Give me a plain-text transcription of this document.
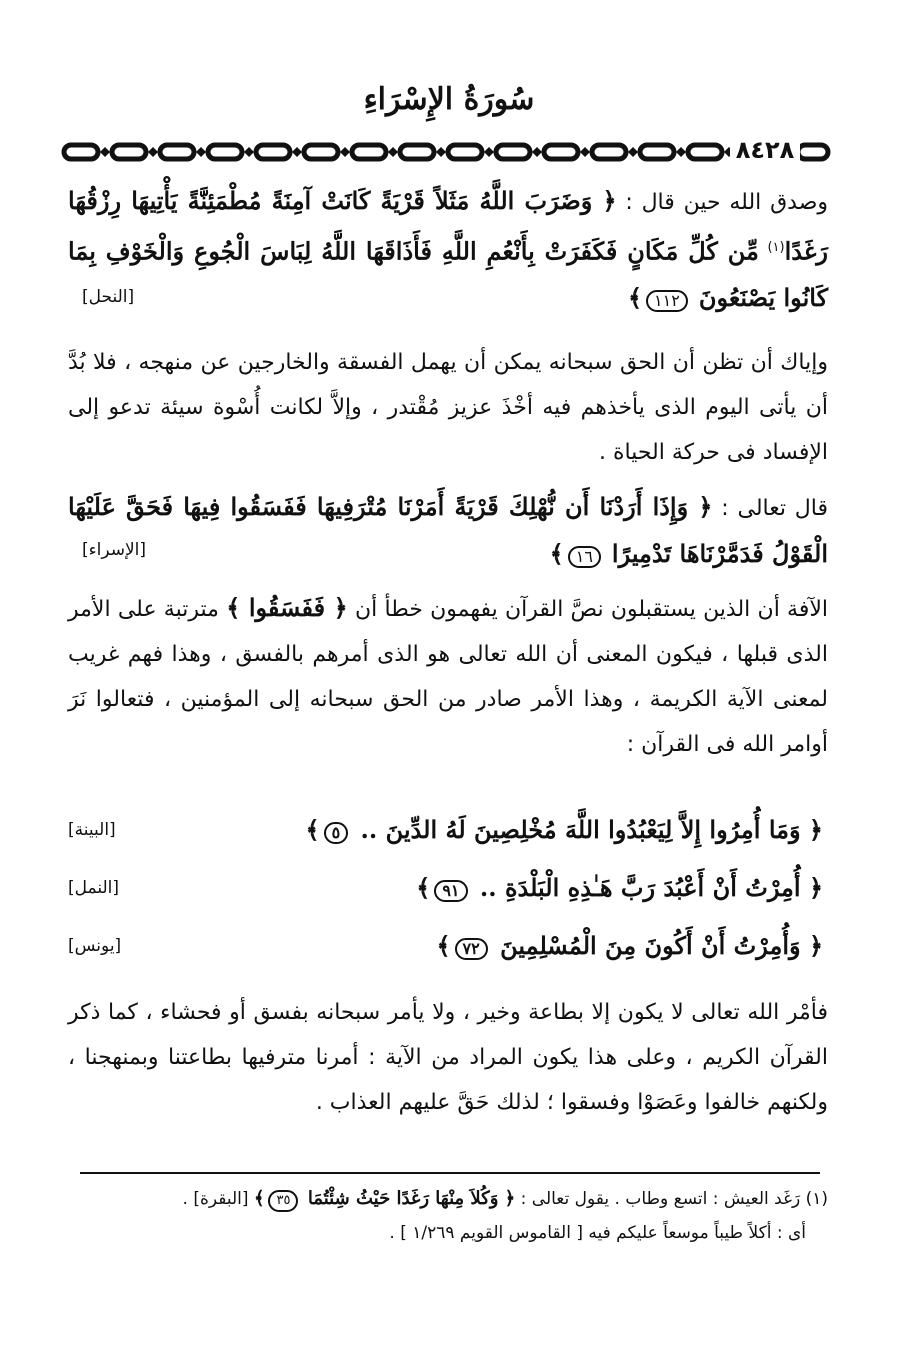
سُورَةُ الإِسْرَاءِ
٨٤٢٨
وصدق الله حين قال : ﴿ وَضَرَبَ اللَّهُ مَثَلاً قَرْيَةً كَانَتْ آمِنَةً مُطْمَئِنَّةً يَأْتِيهَا رِزْقُهَا رَغَدًا$^{(١)}$ مِّن كُلِّ مَكَانٍ فَكَفَرَتْ بِأَنْعُمِ اللَّهِ فَأَذَاقَهَا اللَّهُ لِبَاسَ الْجُوعِ وَالْخَوْفِ بِمَا كَانُوا يَصْنَعُونَ ١١٢﴾
[النحل]
وإياك أن تظن أن الحق سبحانه يمكن أن يهمل الفسقة والخارجين عن منهجه ، فلا بُدَّ أن يأتى اليوم الذى يأخذهم فيه أخْذَ عزيز مُقْتدر ، وإلاَّ لكانت أُسْوة سيئة تدعو إلى الإفساد فى حركة الحياة .
قال تعالى : ﴿ وَإِذَا أَرَدْنَا أَن نُّهْلِكَ قَرْيَةً أَمَرْنَا مُتْرَفِيهَا فَفَسَقُوا فِيهَا فَحَقَّ عَلَيْهَا الْقَوْلُ فَدَمَّرْنَاهَا تَدْمِيرًا ١٦﴾
[الإسراء]
الآفة أن الذين يستقبلون نصَّ القرآن يفهمون خطأ أن ﴿ فَفَسَقُوا ﴾ مترتبة على الأمر الذى قبلها ، فيكون المعنى أن الله تعالى هو الذى أمرهم بالفسق ، وهذا فهم غريب لمعنى الآية الكريمة ، وهذا الأمر صادر من الحق سبحانه إلى المؤمنين ، فتعالوا نَرَ أوامر الله فى القرآن :
﴿ وَمَا أُمِرُوا إِلاَّ لِيَعْبُدُوا اللَّهَ مُخْلِصِينَ لَهُ الدِّينَ .. ٥﴾
[البينة]
﴿ أُمِرْتُ أَنْ أَعْبُدَ رَبَّ هَـٰذِهِ الْبَلْدَةِ .. ٩١﴾
[النمل]
﴿ وَأُمِرْتُ أَنْ أَكُونَ مِنَ الْمُسْلِمِينَ ٧٢﴾
[يونس]
فأمْر الله تعالى لا يكون إلا بطاعة وخير ، ولا يأمر سبحانه بفسق أو فحشاء ، كما ذكر القرآن الكريم ، وعلى هذا يكون المراد من الآية : أمرنا مترفيها بطاعتنا وبمنهجنا ، ولكنهم خالفوا وعَصَوْا وفسقوا ؛ لذلك حَقَّ عليهم العذاب .
(١) رَغَد العيش : اتسع وطاب . يقول تعالى : ﴿ وَكُلاَ مِنْهَا رَغَدًا حَيْثُ شِئْتُمَا ٣٥﴾ [البقرة] .
أى : أكلاً طيباً موسعاً عليكم فيه [ القاموس القويم ١/٢٦٩ ] .
